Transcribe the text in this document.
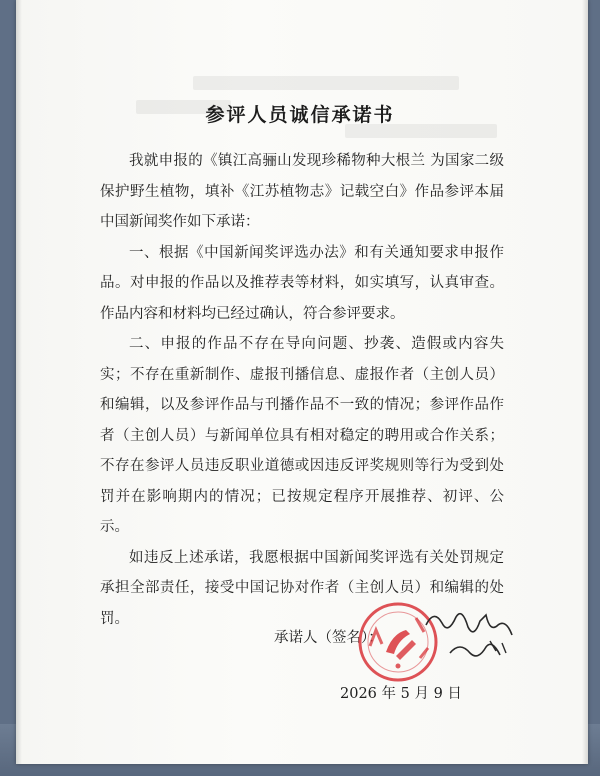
参评人员诚信承诺书

我就申报的《镇江高骊山发现珍稀物种大根兰 为国家二级保护野生植物，填补《江苏植物志》记载空白》作品参评本届中国新闻奖作如下承诺：

一、根据《中国新闻奖评选办法》和有关通知要求申报作品。对申报的作品以及推荐表等材料，如实填写，认真审查。作品内容和材料均已经过确认，符合参评要求。

二、申报的作品不存在导向问题、抄袭、造假或内容失实；不存在重新制作、虚报刊播信息、虚报作者（主创人员）和编辑，以及参评作品与刊播作品不一致的情况；参评作品作者（主创人员）与新闻单位具有相对稳定的聘用或合作关系；不存在参评人员违反职业道德或因违反评奖规则等行为受到处罚并在影响期内的情况；已按规定程序开展推荐、初评、公示。

如违反上述承诺，我愿根据中国新闻奖评选有关处罚规定承担全部责任，接受中国记协对作者（主创人员）和编辑的处罚。

承诺人（签名）：
2026 年 5 月 9 日
